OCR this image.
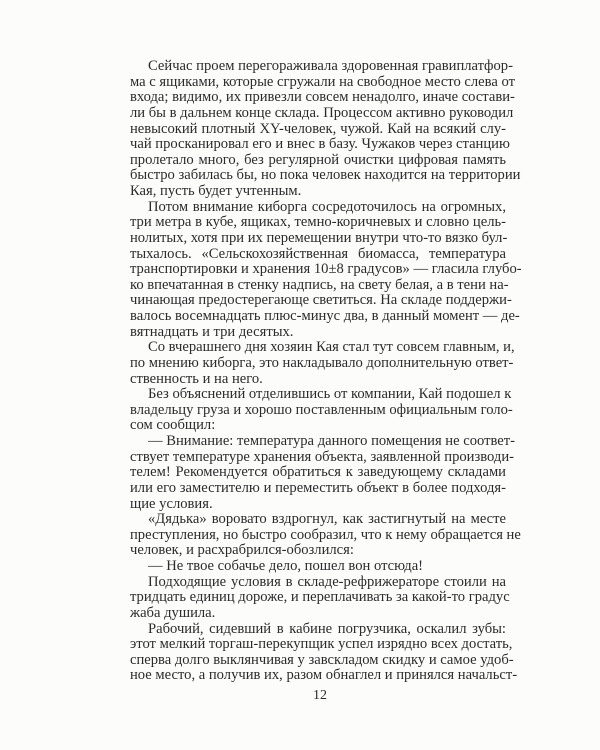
Сейчас проем перегораживала здоровенная гравиплатфор-
ма с ящиками, которые сгружали на свободное место слева от
входа; видимо, их привезли совсем ненадолго, иначе состави-
ли бы в дальнем конце склада. Процессом активно руководил
невысокий плотный XY-человек, чужой. Кай на всякий слу-
чай просканировал его и внес в базу. Чужаков через станцию
пролетало много, без регулярной очистки цифровая память
быстро забилась бы, но пока человек находится на территории
Кая, пусть будет учтенным.
Потом внимание киборга сосредоточилось на огромных,
три метра в кубе, ящиках, темно-коричневых и словно цель-
нолитых, хотя при их перемещении внутри что-то вязко бул-
тыхалось. «Сельскохозяйственная биомасса, температура
транспортировки и хранения 10±8 градусов» — гласила глубо-
ко впечатанная в стенку надпись, на свету белая, а в тени на-
чинающая предостерегающе светиться. На складе поддержи-
валось восемнадцать плюс-минус два, в данный момент — де-
вятнадцать и три десятых.
Со вчерашнего дня хозяин Кая стал тут совсем главным, и,
по мнению киборга, это накладывало дополнительную ответ-
ственность и на него.
Без объяснений отделившись от компании, Кай подошел к
владельцу груза и хорошо поставленным официальным голо-
сом сообщил:
— Внимание: температура данного помещения не соответ-
ствует температуре хранения объекта, заявленной производи-
телем! Рекомендуется обратиться к заведующему складами
или его заместителю и переместить объект в более подходя-
щие условия.
«Дядька» воровато вздрогнул, как застигнутый на месте
преступления, но быстро сообразил, что к нему обращается не
человек, и расхрабрился-обозлился:
— Не твое собачье дело, пошел вон отсюда!
Подходящие условия в складе-рефрижераторе стоили на
тридцать единиц дороже, и переплачивать за какой-то градус
жаба душила.
Рабочий, сидевший в кабине погрузчика, оскалил зубы:
этот мелкий торгаш-перекупщик успел изрядно всех достать,
сперва долго выклянчивая у завскладом скидку и самое удоб-
ное место, а получив их, разом обнаглел и принялся начальст-
12
